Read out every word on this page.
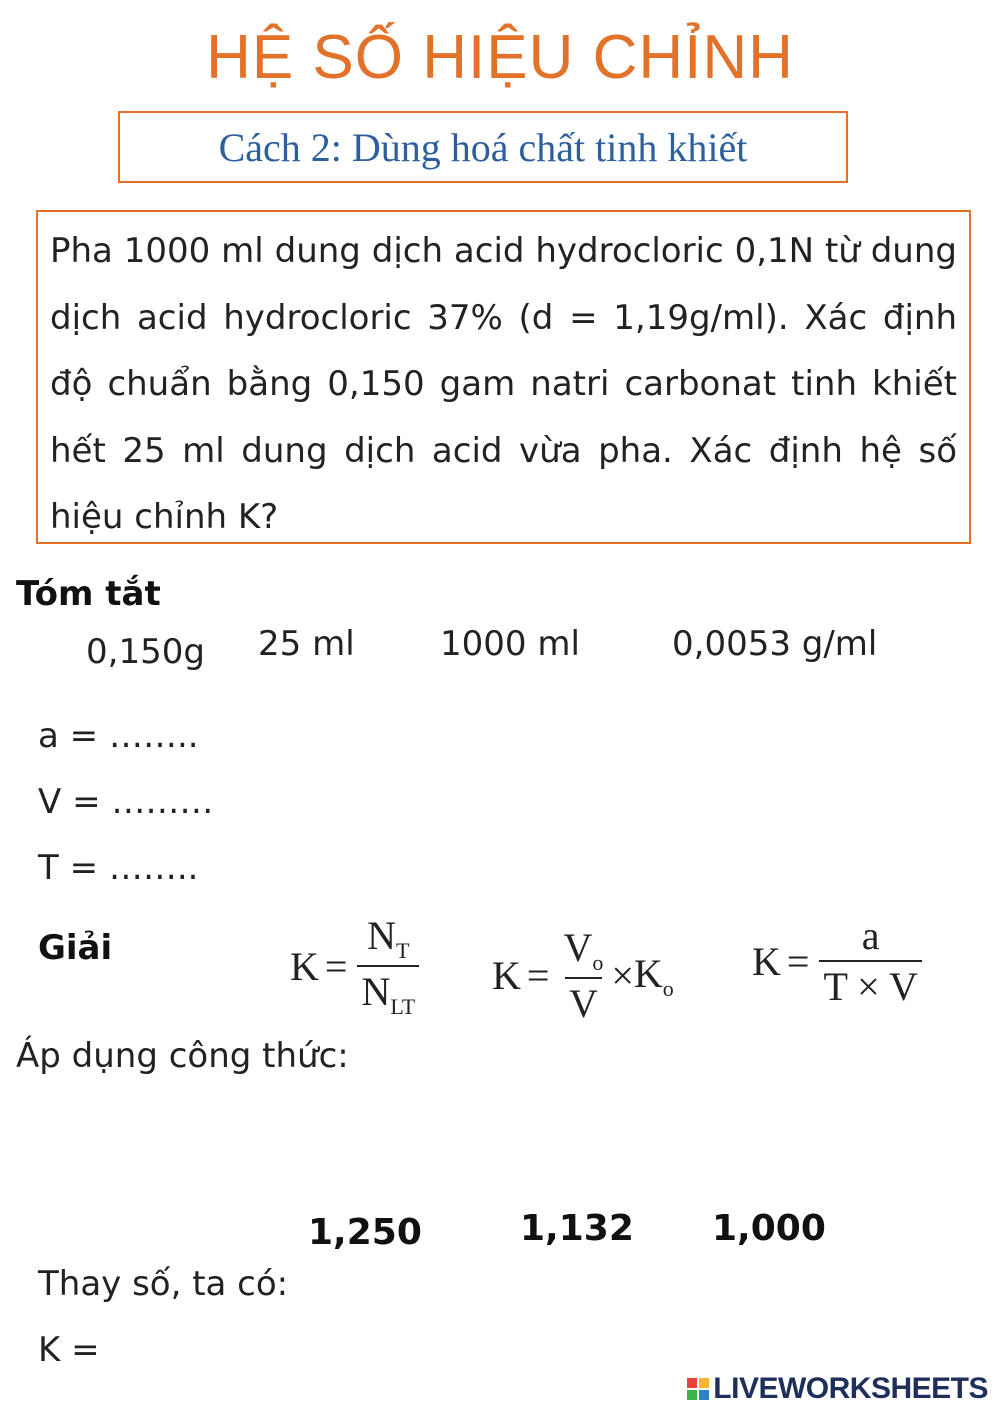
HỆ SỐ HIỆU CHỈNH
Cách 2: Dùng hoá chất tinh khiết
Pha 1000 ml dung dịch acid hydrocloric 0,1N từ dung dịch acid hydrocloric 37% (d = 1,19g/ml). Xác định độ chuẩn bằng 0,150 gam natri carbonat tinh khiết hết 25 ml dung dịch acid vừa pha. Xác định hệ số hiệu chỉnh K?
Tóm tắt
0,150g 25 ml	1000 ml	0,0053 g/ml
a = ……..
V = ………
T = ……..
Giải	$K = \frac{N_T}{N_{LT}}$ $K = \frac{V_o}{V} \times K_o$
$K = \frac{a}{T \times V}$
Áp dụng công thức:
1,250	1,132 1,000
Thay số, ta có:
K =
LIVEWORKSHEETS
